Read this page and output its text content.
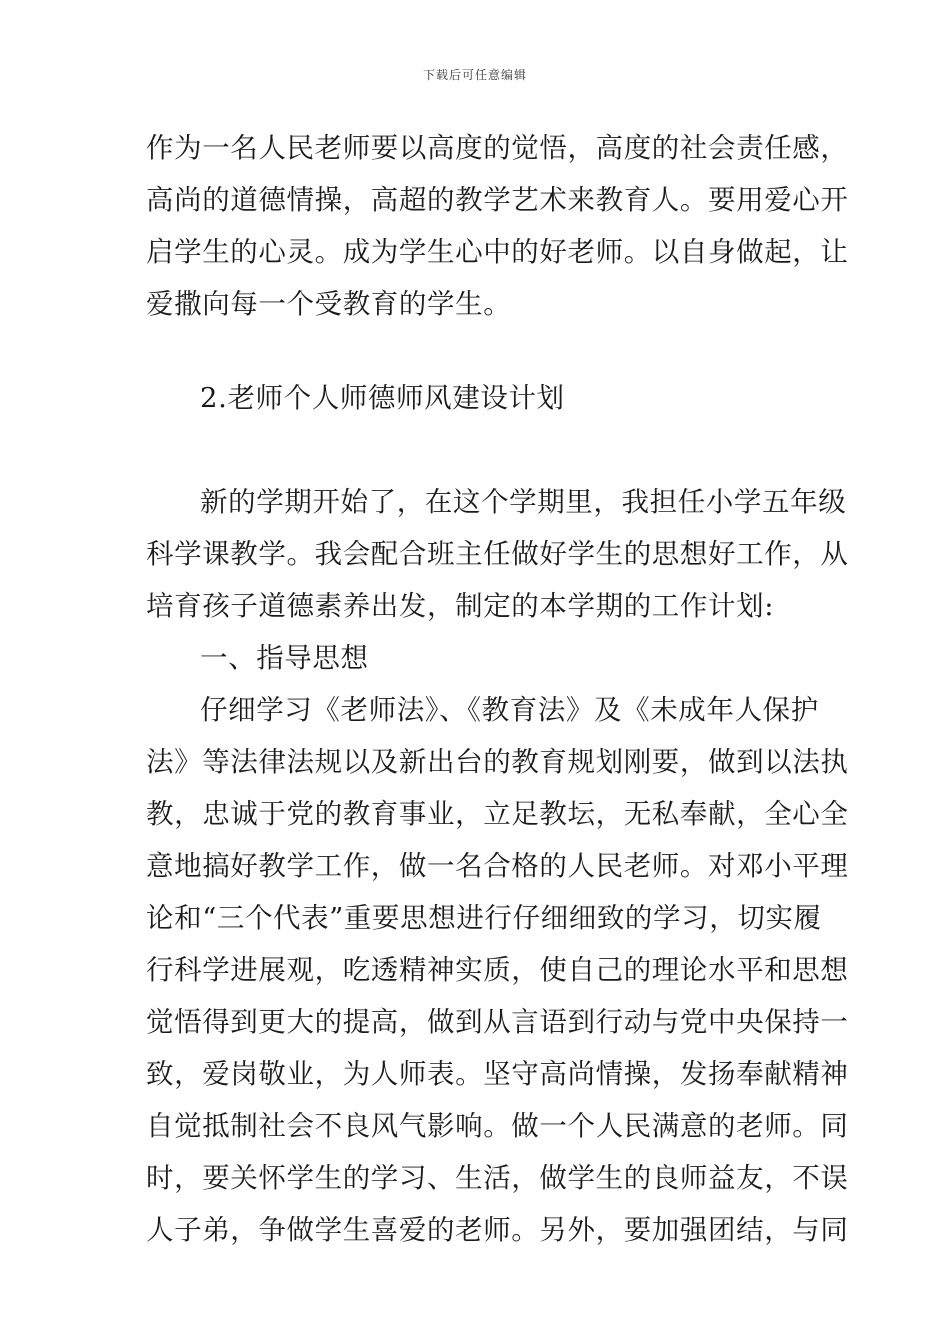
下载后可任意编辑
作为一名人民老师要以高度的觉悟，高度的社会责任感，
高尚的道德情操，高超的教学艺术来教育人。要用爱心开
启学生的心灵。成为学生心中的好老师。以自身做起，让
爱撒向每一个受教育的学生。
2.老师个人师德师风建设计划
新的学期开始了，在这个学期里，我担任小学五年级
科学课教学。我会配合班主任做好学生的思想好工作，从
培育孩子道德素养出发，制定的本学期的工作计划:
一、指导思想
仔细学习《老师法》、《教育法》及《未成年人保护
法》等法律法规以及新出台的教育规划刚要，做到以法执
教，忠诚于党的教育事业，立足教坛，无私奉献，全心全
意地搞好教学工作，做一名合格的人民老师。对邓小平理
论和“三个代表”重要思想进行仔细细致的学习，切实履
行科学进展观，吃透精神实质，使自己的理论水平和思想
觉悟得到更大的提高，做到从言语到行动与党中央保持一
致，爱岗敬业，为人师表。坚守高尚情操，发扬奉献精神
自觉抵制社会不良风气影响。做一个人民满意的老师。同
时，要关怀学生的学习、生活，做学生的良师益友，不误
人子弟，争做学生喜爱的老师。另外，要加强团结，与同
